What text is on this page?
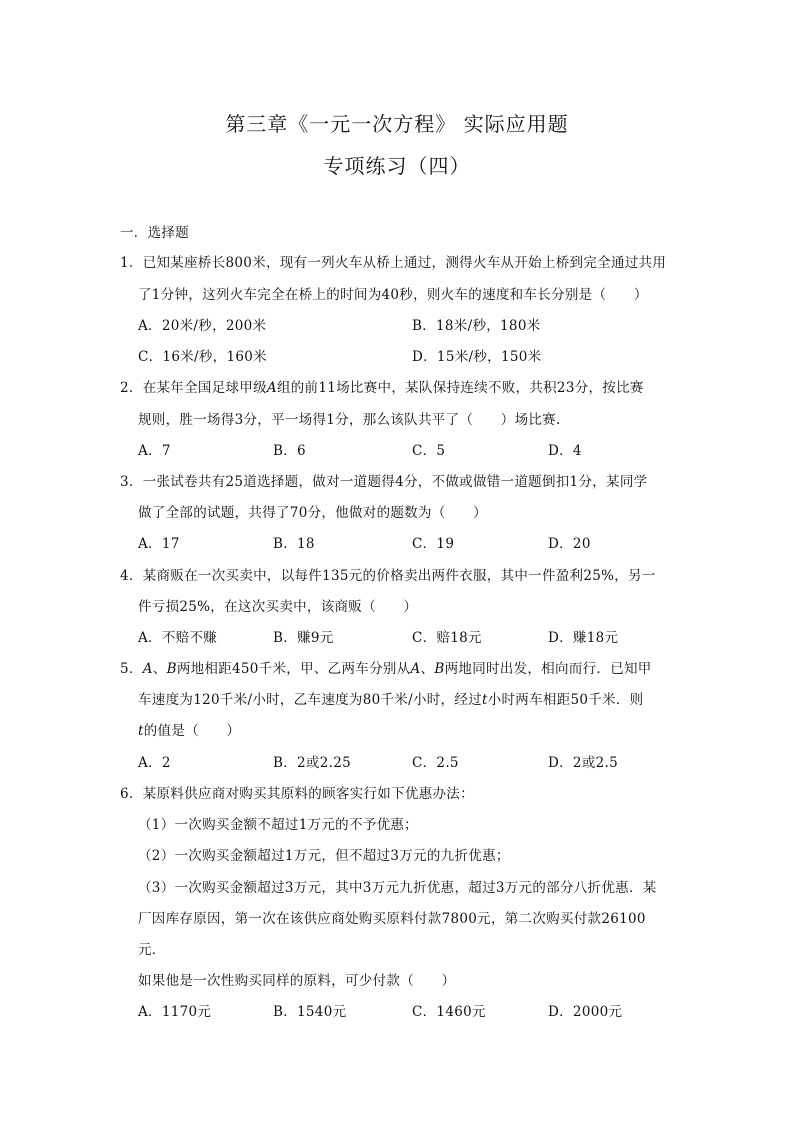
第三章《一元一次方程》 实际应用题
专项练习（四）
一．选择题
1．已知某座桥长800米，现有一列火车从桥上通过，测得火车从开始上桥到完全通过共用
了1分钟，这列火车完全在桥上的时间为40秒，则火车的速度和车长分别是（　　）
A．20米/秒，200米	B．18米/秒，180米
C．16米/秒，160米	D．15米/秒，150米
2．在某年全国足球甲级A组的前11场比赛中，某队保持连续不败，共积23分，按比赛
规则，胜一场得3分，平一场得1分，那么该队共平了（　　）场比赛.
A．7	B．6	C．5	D．4
3．一张试卷共有25道选择题，做对一道题得4分，不做或做错一道题倒扣1分，某同学
做了全部的试题，共得了70分，他做对的题数为（　　）
A．17	B．18	C．19	D．20
4．某商贩在一次买卖中，以每件135元的价格卖出两件衣服，其中一件盈利25%，另一
件亏损25%，在这次买卖中，该商贩（　　）
A．不赔不赚	B．赚9元	C．赔18元	D．赚18元
5．A、B两地相距450千米，甲、乙两车分别从A、B两地同时出发，相向而行．已知甲
车速度为120千米/小时，乙车速度为80千米/小时，经过t小时两车相距50千米．则
t的值是（　　）
A．2	B．2或2.25	C．2.5	D．2或2.5
6．某原料供应商对购买其原料的顾客实行如下优惠办法：
（1）一次购买金额不超过1万元的不予优惠；
（2）一次购买金额超过1万元，但不超过3万元的九折优惠；
（3）一次购买金额超过3万元，其中3万元九折优惠，超过3万元的部分八折优惠．某
厂因库存原因，第一次在该供应商处购买原料付款7800元，第二次购买付款26100
元．
如果他是一次性购买同样的原料，可少付款（　　）
A．1170元	B．1540元	C．1460元	D．2000元
